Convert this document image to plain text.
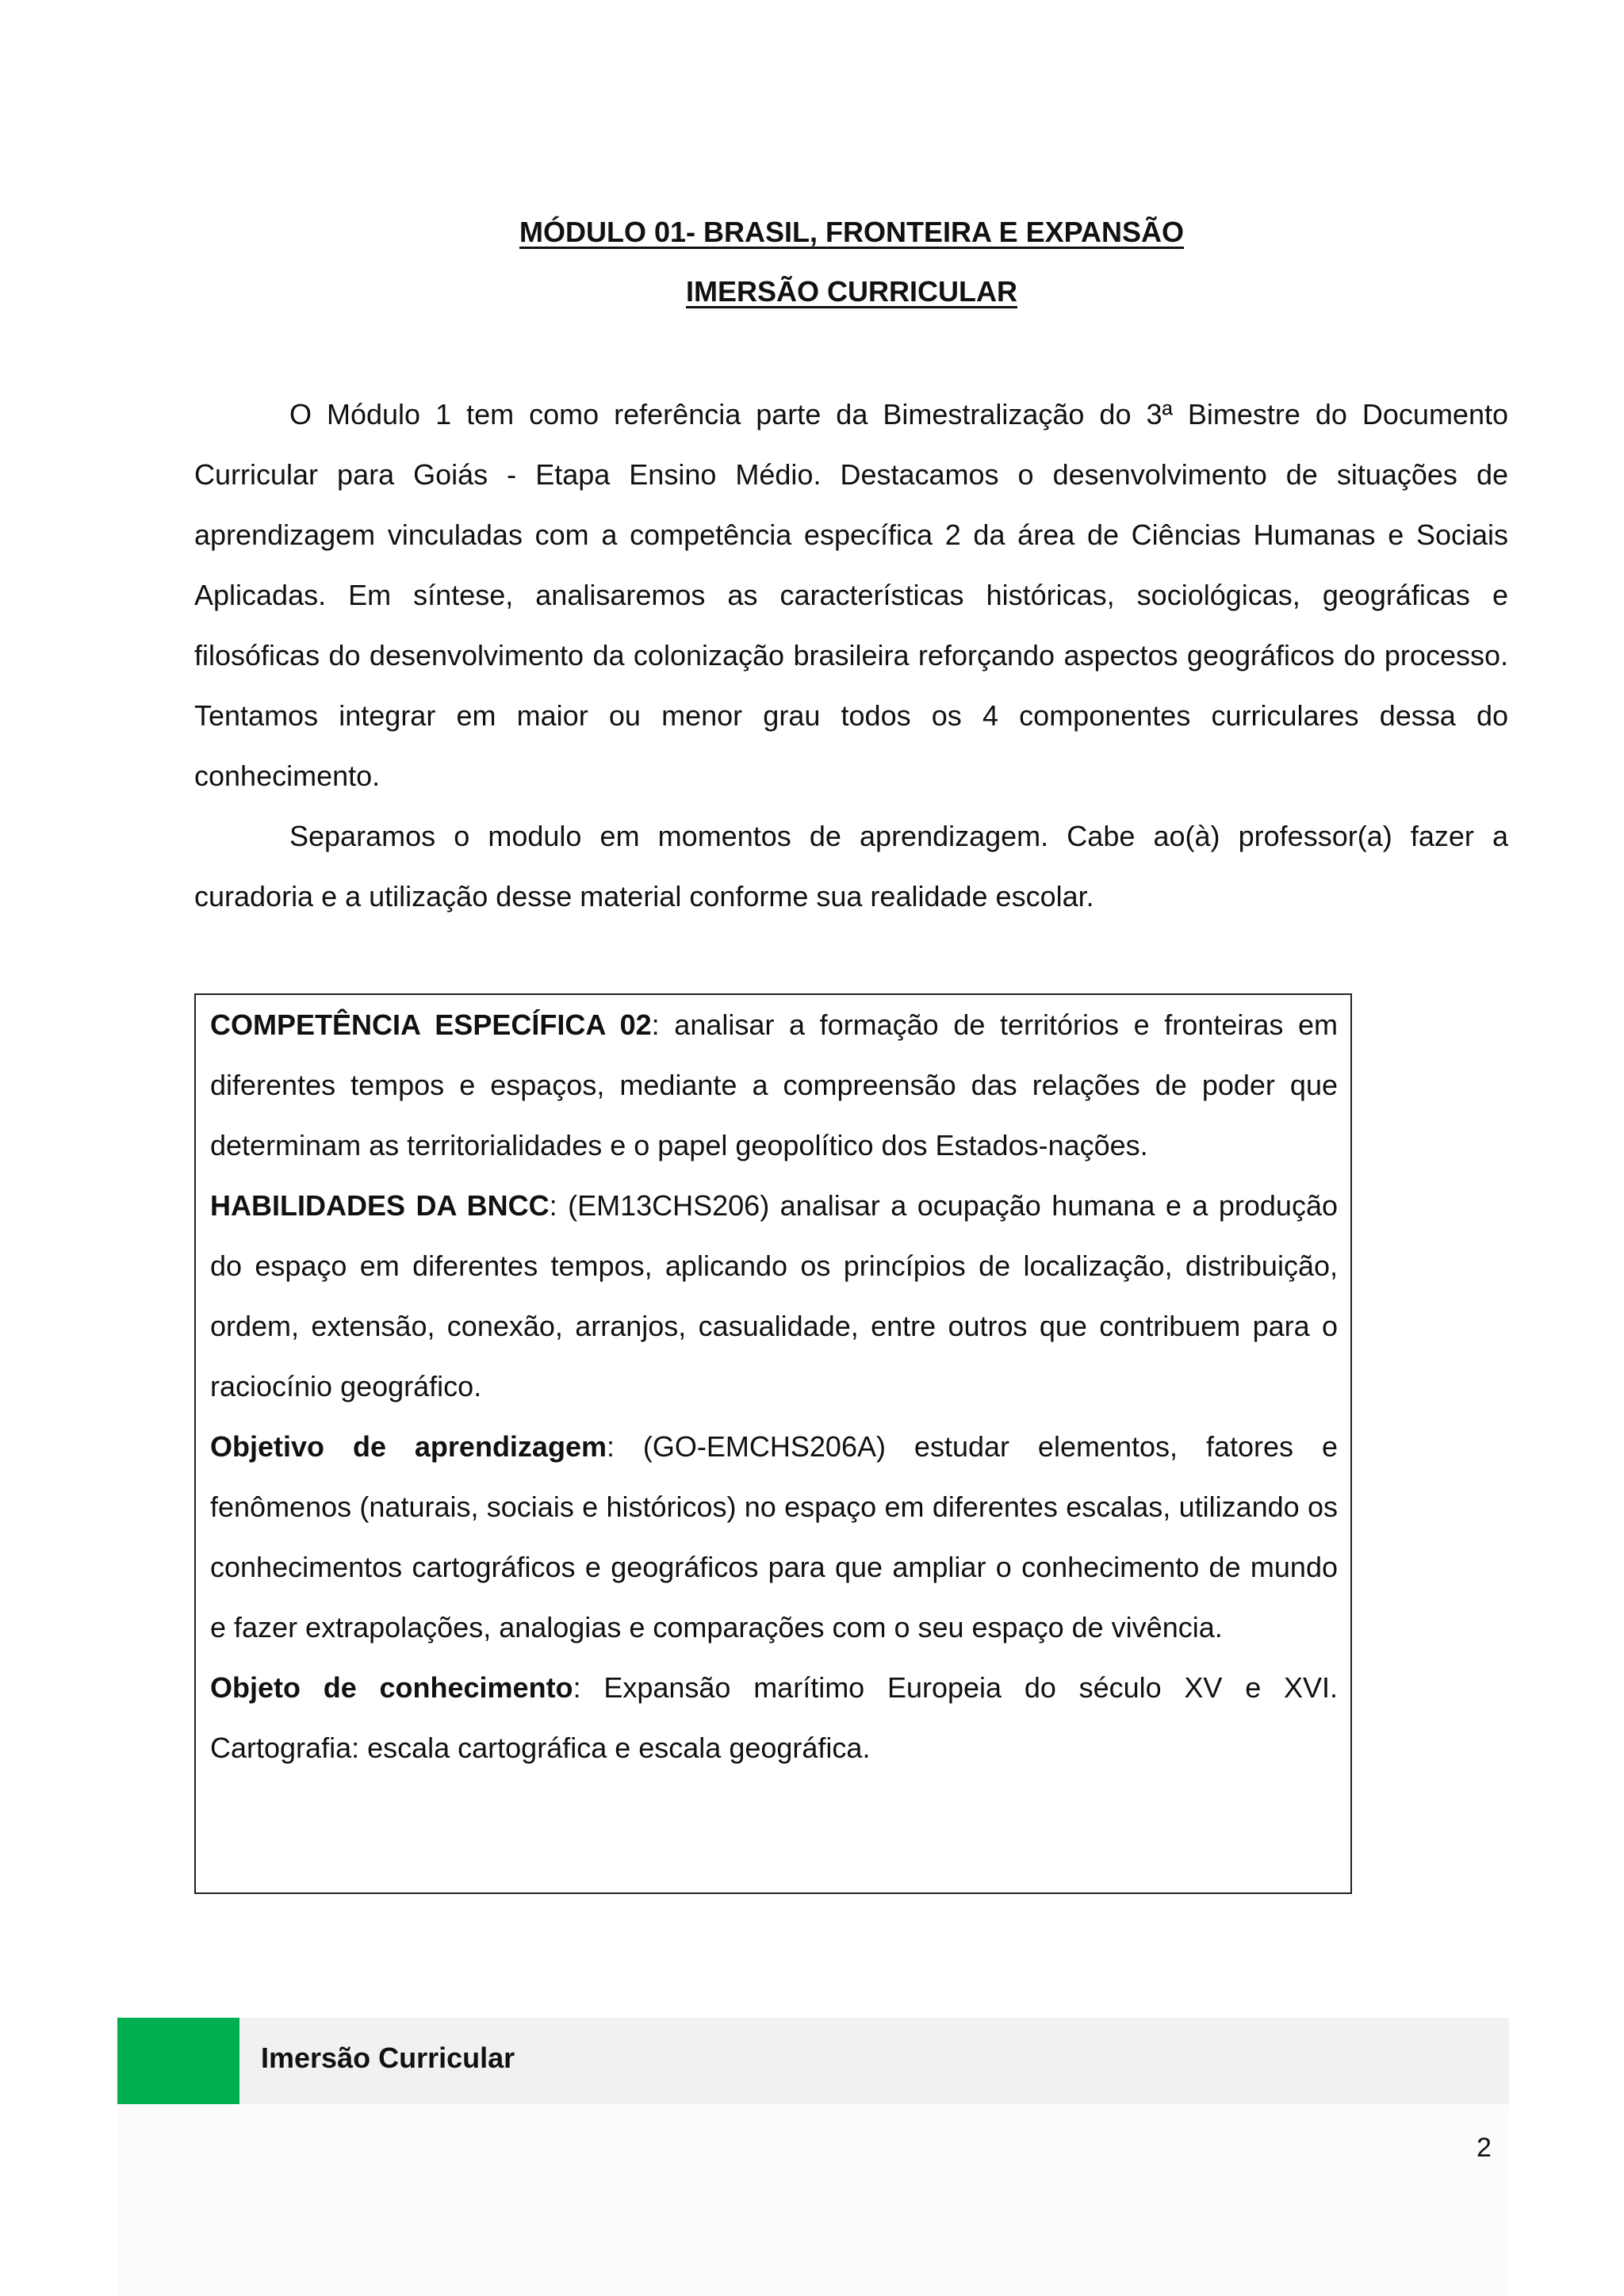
MÓDULO 01- BRASIL, FRONTEIRA E EXPANSÃO
IMERSÃO CURRICULAR

O Módulo 1 tem como referência parte da Bimestralização do 3ª Bimestre do Documento Curricular para Goiás - Etapa Ensino Médio. Destacamos o desenvolvimento de situações de aprendizagem vinculadas com a competência específica 2 da área de Ciências Humanas e Sociais Aplicadas. Em síntese, analisaremos as características históricas, sociológicas, geográficas e filosóficas do desenvolvimento da colonização brasileira reforçando aspectos geográficos do processo. Tentamos integrar em maior ou menor grau todos os 4 componentes curriculares dessa do conhecimento.

Separamos o modulo em momentos de aprendizagem. Cabe ao(à) professor(a) fazer a curadoria e a utilização desse material conforme sua realidade escolar.

COMPETÊNCIA ESPECÍFICA 02: analisar a formação de territórios e fronteiras em diferentes tempos e espaços, mediante a compreensão das relações de poder que determinam as territorialidades e o papel geopolítico dos Estados-nações.

HABILIDADES DA BNCC: (EM13CHS206) analisar a ocupação humana e a produção do espaço em diferentes tempos, aplicando os princípios de localização, distribuição, ordem, extensão, conexão, arranjos, casualidade, entre outros que contribuem para o raciocínio geográfico.

Objetivo de aprendizagem: (GO-EMCHS206A) estudar elementos, fatores e fenômenos (naturais, sociais e históricos) no espaço em diferentes escalas, utilizando os conhecimentos cartográficos e geográficos para que ampliar o conhecimento de mundo e fazer extrapolações, analogias e comparações com o seu espaço de vivência.

Objeto de conhecimento: Expansão marítimo Europeia do século XV e XVI. Cartografia: escala cartográfica e escala geográfica.

Imersão Curricular
2
